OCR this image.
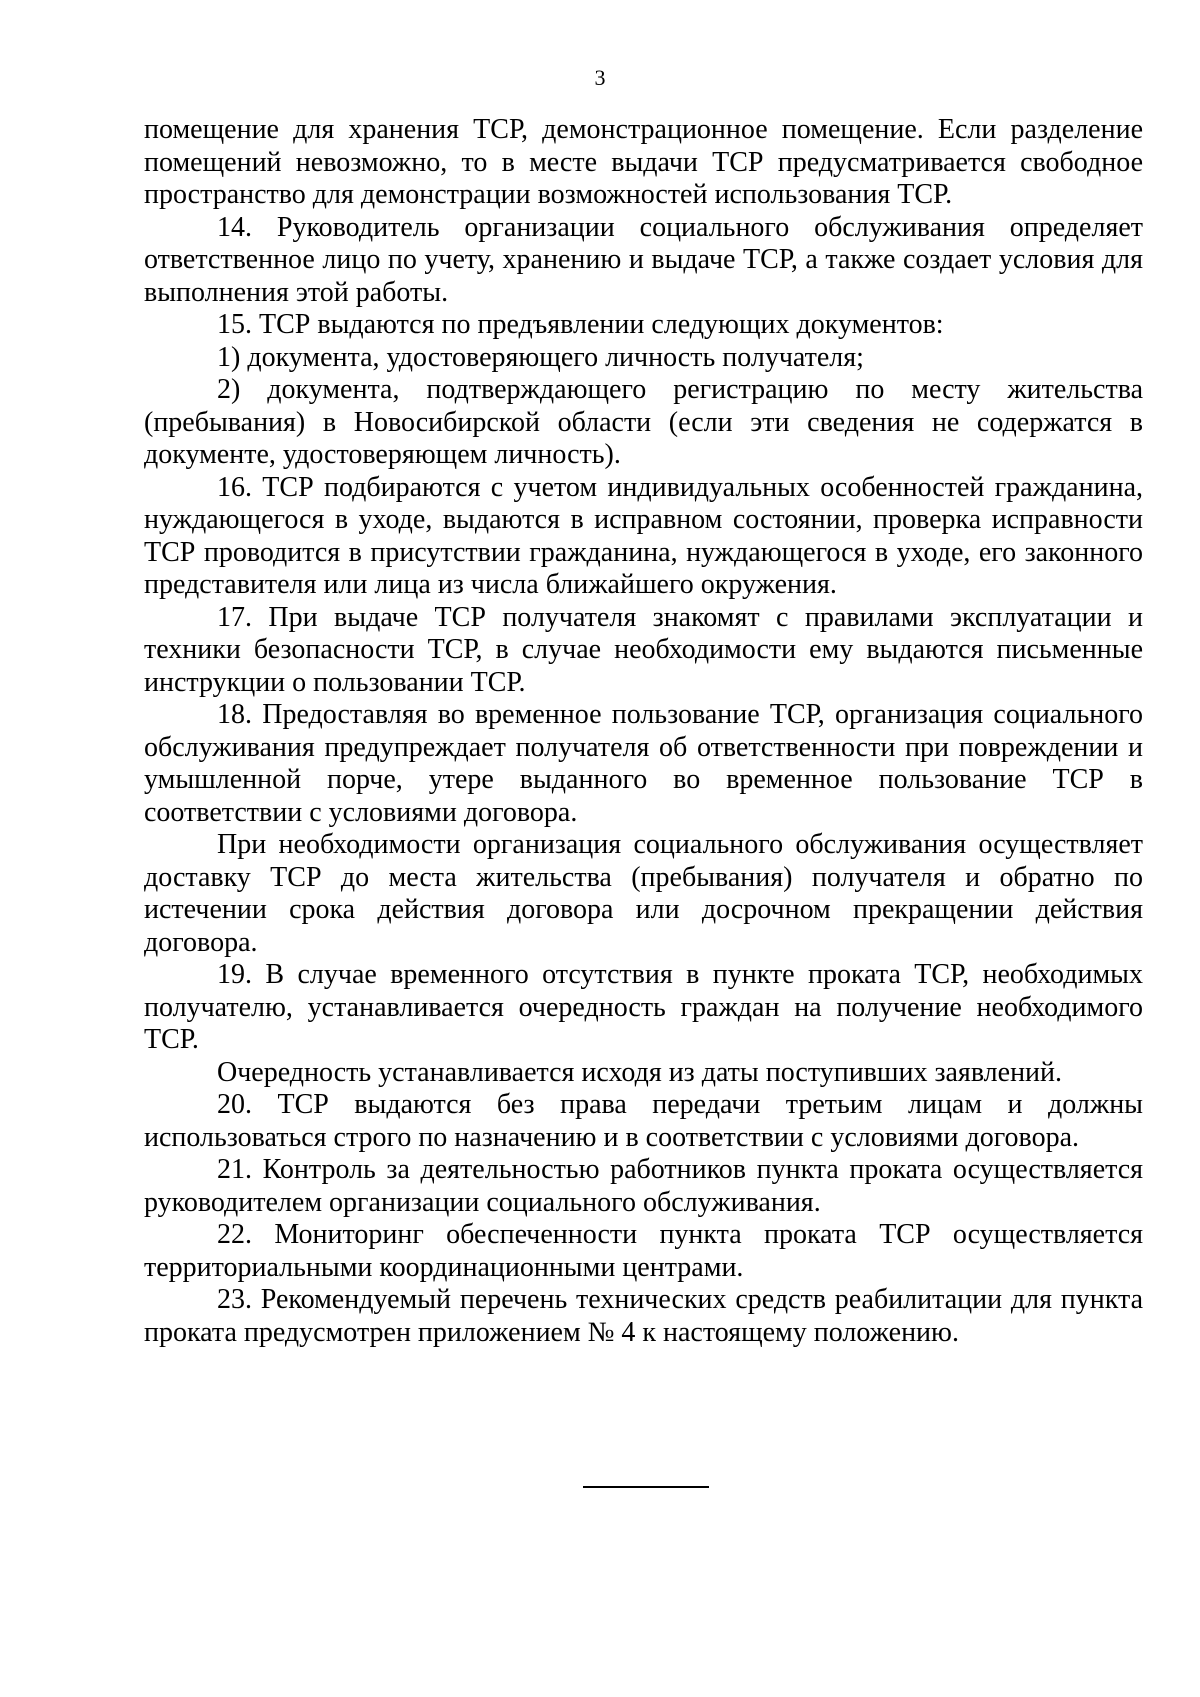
3

помещение для хранения ТСР, демонстрационное помещение. Если разделение помещений невозможно, то в месте выдачи ТСР предусматривается свободное пространство для демонстрации возможностей использования ТСР.

14. Руководитель организации социального обслуживания определяет ответственное лицо по учету, хранению и выдаче ТСР, а также создает условия для выполнения этой работы.

15. ТСР выдаются по предъявлении следующих документов:

1) документа, удостоверяющего личность получателя;

2) документа, подтверждающего регистрацию по месту жительства (пребывания) в Новосибирской области (если эти сведения не содержатся в документе, удостоверяющем личность).

16. ТСР подбираются с учетом индивидуальных особенностей гражданина, нуждающегося в уходе, выдаются в исправном состоянии, проверка исправности ТСР проводится в присутствии гражданина, нуждающегося в уходе, его законного представителя или лица из числа ближайшего окружения.

17. При выдаче ТСР получателя знакомят с правилами эксплуатации и техники безопасности ТСР, в случае необходимости ему выдаются письменные инструкции о пользовании ТСР.

18. Предоставляя во временное пользование ТСР, организация социального обслуживания предупреждает получателя об ответственности при повреждении и умышленной порче, утере выданного во временное пользование ТСР в соответствии с условиями договора.

При необходимости организация социального обслуживания осуществляет доставку ТСР до места жительства (пребывания) получателя и обратно по истечении срока действия договора или досрочном прекращении действия договора.

19. В случае временного отсутствия в пункте проката ТСР, необходимых получателю, устанавливается очередность граждан на получение необходимого ТСР.

Очередность устанавливается исходя из даты поступивших заявлений.

20. ТСР выдаются без права передачи третьим лицам и должны использоваться строго по назначению и в соответствии с условиями договора.

21. Контроль за деятельностью работников пункта проката осуществляется руководителем организации социального обслуживания.

22. Мониторинг обеспеченности пункта проката ТСР осуществляется территориальными координационными центрами.

23. Рекомендуемый перечень технических средств реабилитации для пункта проката предусмотрен приложением № 4 к настоящему положению.
